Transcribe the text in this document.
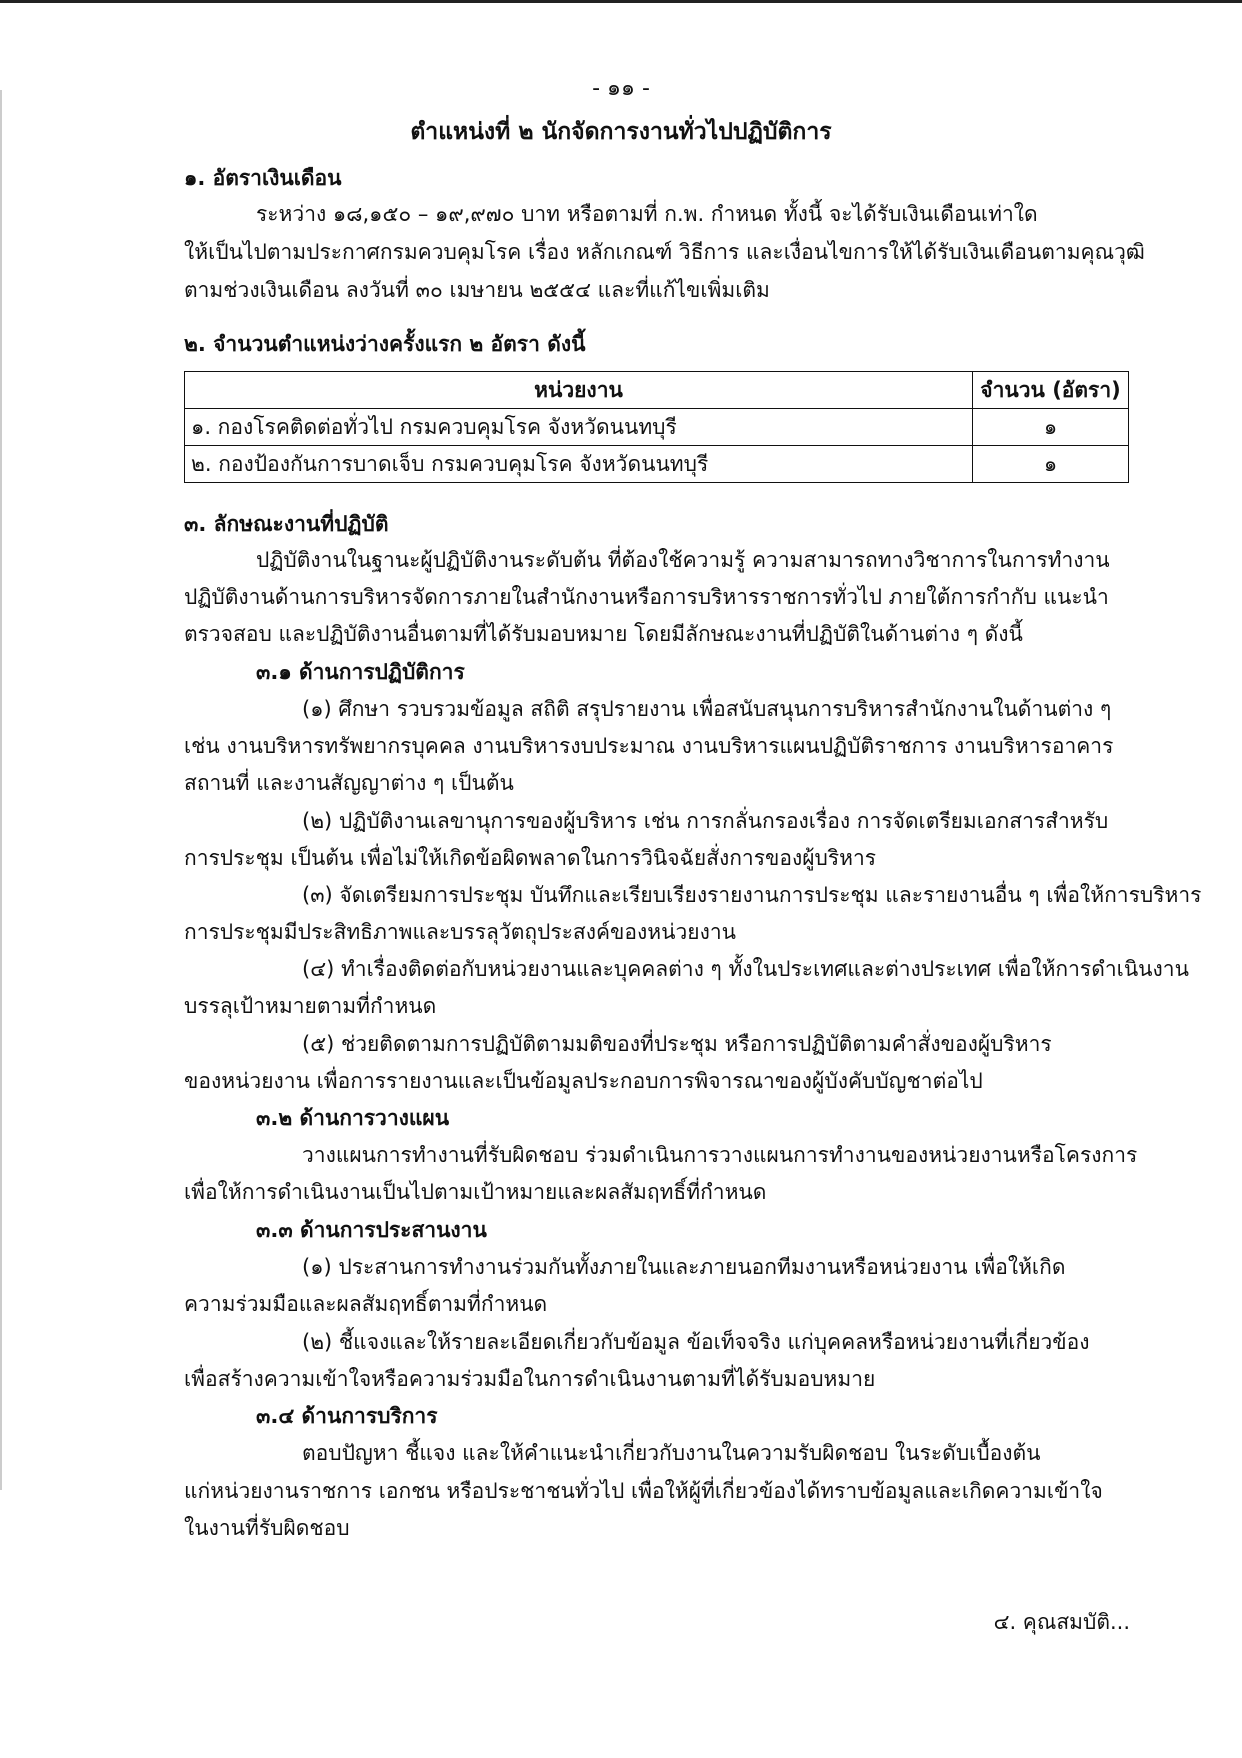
- ๑๑ -
ตำแหน่งที่ ๒ นักจัดการงานทั่วไปปฏิบัติการ
๑. อัตราเงินเดือน
ระหว่าง ๑๘,๑๕๐ – ๑๙,๙๗๐ บาท หรือตามที่ ก.พ. กำหนด ทั้งนี้ จะได้รับเงินเดือนเท่าใด
ให้เป็นไปตามประกาศกรมควบคุมโรค เรื่อง หลักเกณฑ์ วิธีการ และเงื่อนไขการให้ได้รับเงินเดือนตามคุณวุฒิ
ตามช่วงเงินเดือน ลงวันที่ ๓๐ เมษายน ๒๕๕๔ และที่แก้ไขเพิ่มเติม
๒. จำนวนตำแหน่งว่างครั้งแรก ๒ อัตรา ดังนี้
หน่วยงาน	จำนวน (อัตรา)
๑. กองโรคติดต่อทั่วไป กรมควบคุมโรค จังหวัดนนทบุรี	๑
๒. กองป้องกันการบาดเจ็บ กรมควบคุมโรค จังหวัดนนทบุรี	๑
๓. ลักษณะงานที่ปฏิบัติ
ปฏิบัติงานในฐานะผู้ปฏิบัติงานระดับต้น ที่ต้องใช้ความรู้ ความสามารถทางวิชาการในการทำงาน
ปฏิบัติงานด้านการบริหารจัดการภายในสำนักงานหรือการบริหารราชการทั่วไป ภายใต้การกำกับ แนะนำ
ตรวจสอบ และปฏิบัติงานอื่นตามที่ได้รับมอบหมาย โดยมีลักษณะงานที่ปฏิบัติในด้านต่าง ๆ ดังนี้
๓.๑ ด้านการปฏิบัติการ
(๑) ศึกษา รวบรวมข้อมูล สถิติ สรุปรายงาน เพื่อสนับสนุนการบริหารสำนักงานในด้านต่าง ๆ
เช่น งานบริหารทรัพยากรบุคคล งานบริหารงบประมาณ งานบริหารแผนปฏิบัติราชการ งานบริหารอาคาร
สถานที่ และงานสัญญาต่าง ๆ เป็นต้น
(๒) ปฏิบัติงานเลขานุการของผู้บริหาร เช่น การกลั่นกรองเรื่อง การจัดเตรียมเอกสารสำหรับ
การประชุม เป็นต้น เพื่อไม่ให้เกิดข้อผิดพลาดในการวินิจฉัยสั่งการของผู้บริหาร
(๓) จัดเตรียมการประชุม บันทึกและเรียบเรียงรายงานการประชุม และรายงานอื่น ๆ เพื่อให้การบริหาร
การประชุมมีประสิทธิภาพและบรรลุวัตถุประสงค์ของหน่วยงาน
(๔) ทำเรื่องติดต่อกับหน่วยงานและบุคคลต่าง ๆ ทั้งในประเทศและต่างประเทศ เพื่อให้การดำเนินงาน
บรรลุเป้าหมายตามที่กำหนด
(๕) ช่วยติดตามการปฏิบัติตามมติของที่ประชุม หรือการปฏิบัติตามคำสั่งของผู้บริหาร
ของหน่วยงาน เพื่อการรายงานและเป็นข้อมูลประกอบการพิจารณาของผู้บังคับบัญชาต่อไป
๓.๒ ด้านการวางแผน
วางแผนการทำงานที่รับผิดชอบ ร่วมดำเนินการวางแผนการทำงานของหน่วยงานหรือโครงการ
เพื่อให้การดำเนินงานเป็นไปตามเป้าหมายและผลสัมฤทธิ์ที่กำหนด
๓.๓ ด้านการประสานงาน
(๑) ประสานการทำงานร่วมกันทั้งภายในและภายนอกทีมงานหรือหน่วยงาน เพื่อให้เกิด
ความร่วมมือและผลสัมฤทธิ์ตามที่กำหนด
(๒) ชี้แจงและให้รายละเอียดเกี่ยวกับข้อมูล ข้อเท็จจริง แก่บุคคลหรือหน่วยงานที่เกี่ยวข้อง
เพื่อสร้างความเข้าใจหรือความร่วมมือในการดำเนินงานตามที่ได้รับมอบหมาย
๓.๔ ด้านการบริการ
ตอบปัญหา ชี้แจง และให้คำแนะนำเกี่ยวกับงานในความรับผิดชอบ ในระดับเบื้องต้น
แก่หน่วยงานราชการ เอกชน หรือประชาชนทั่วไป เพื่อให้ผู้ที่เกี่ยวข้องได้ทราบข้อมูลและเกิดความเข้าใจ
ในงานที่รับผิดชอบ
๔. คุณสมบัติ...
